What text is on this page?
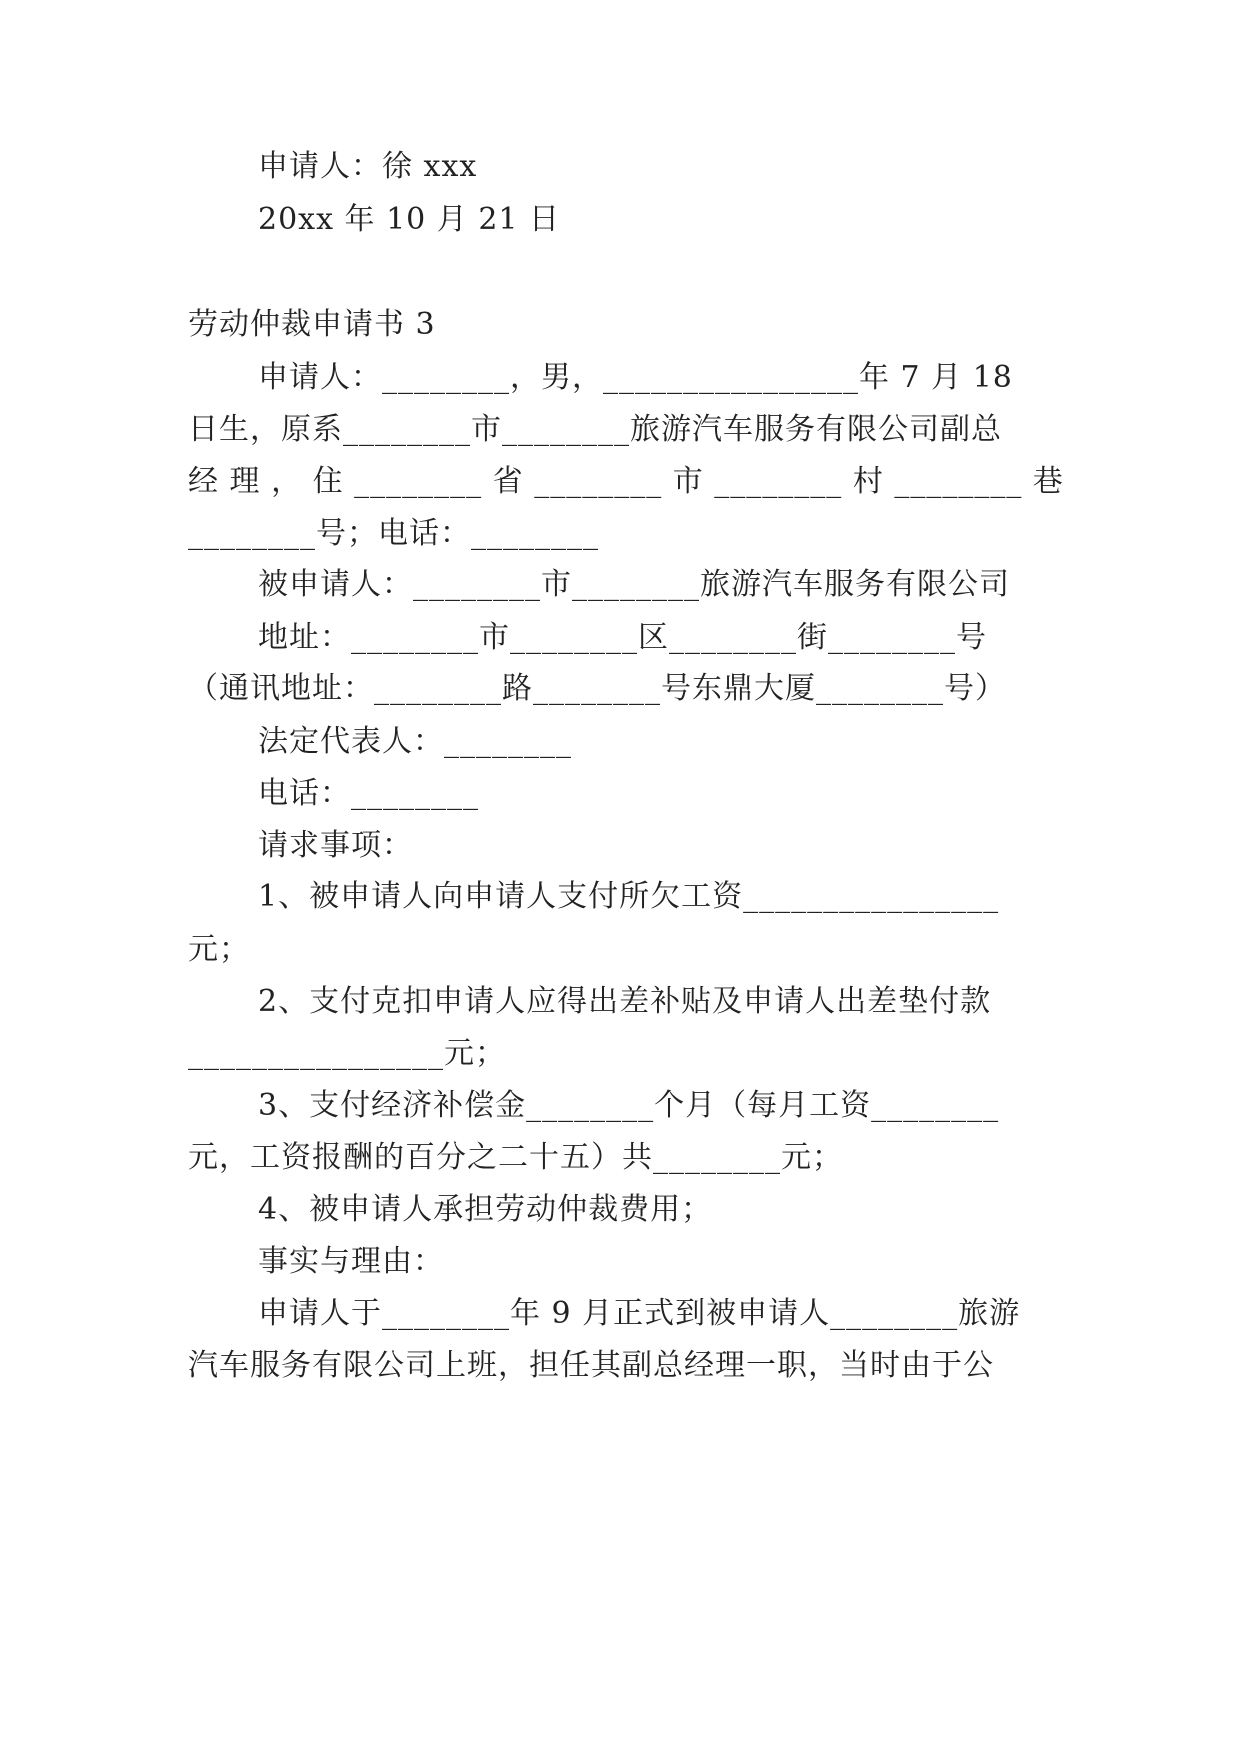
申请人：徐 xxx
20xx 年 10 月 21 日
劳动仲裁申请书 3
申请人：________，男，________________年 7 月 18
日生，原系________市________旅游汽车服务有限公司副总
经 理 ， 住 ________ 省 ________ 市 ________ 村 ________ 巷
________号；电话：________
被申请人：________市________旅游汽车服务有限公司
地址：________市________区________街________号
（通讯地址：________路________号东鼎大厦________号）
法定代表人：________
电话：________
请求事项：
1、被申请人向申请人支付所欠工资________________
元；
2、支付克扣申请人应得出差补贴及申请人出差垫付款
________________元；
3、支付经济补偿金________个月（每月工资________
元，工资报酬的百分之二十五）共________元；
4、被申请人承担劳动仲裁费用；
事实与理由：
申请人于________年 9 月正式到被申请人________旅游
汽车服务有限公司上班，担任其副总经理一职，当时由于公
